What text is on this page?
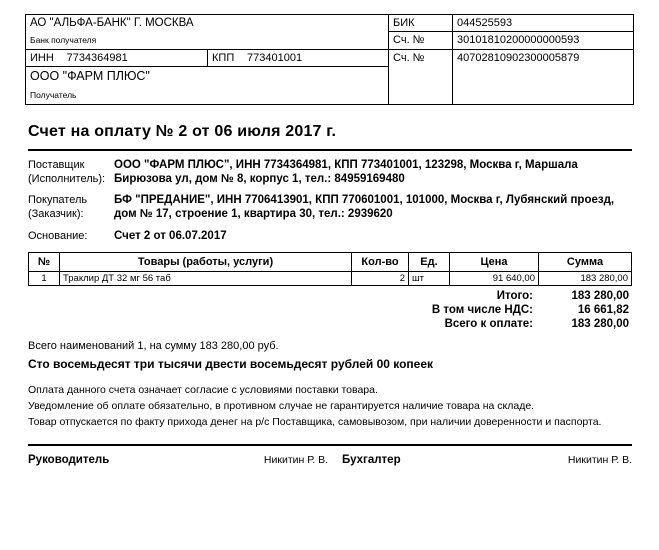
АО "АЛЬФА-БАНК" Г. МОСКВА		БИК	044525593
Банк получателя		Сч. №	30101810200000000593
ИНН 7734364981	КПП 773401001	Сч. №	40702810902300005879
ООО "ФАРМ ПЛЮС"			
Получатель			
Счет на оплату № 2 от 06 июля 2017 г.
Поставщик
(Исполнитель):
ООО "ФАРМ ПЛЮС", ИНН 7734364981, КПП 773401001, 123298, Москва г, Маршала Бирюзова ул, дом № 8, корпус 1, тел.: 84959169480
Покупатель
(Заказчик):
БФ "ПРЕДАНИЕ", ИНН 7706413901, КПП 770601001, 101000, Москва г, Лубянский проезд, дом № 17, строение 1, квартира 30, тел.: 2939620
Основание:	Счет 2 от 06.07.2017
№	Товары (работы, услуги)	Кол-во	Ед.	Цена	Сумма
1	Траклир ДТ 32 мг 56 таб	2	шт	91 640,00	183 280,00
Итого:	183 280,00
В том числе НДС:	16 661,82
Всего к оплате:	183 280,00
Всего наименований 1, на сумму 183 280,00 руб.
Сто восемьдесят три тысячи двести восемьдесят рублей 00 копеек
Оплата данного счета означает согласие с условиями поставки товара.
Уведомление об оплате обязательно, в противном случае не гарантируется наличие товара на складе.
Товар отпускается по факту прихода денег на р/с Поставщика, самовывозом, при наличии доверенности и паспорта.
Руководитель	Никитин Р. В. Бухгалтер	Никитин Р. В.
